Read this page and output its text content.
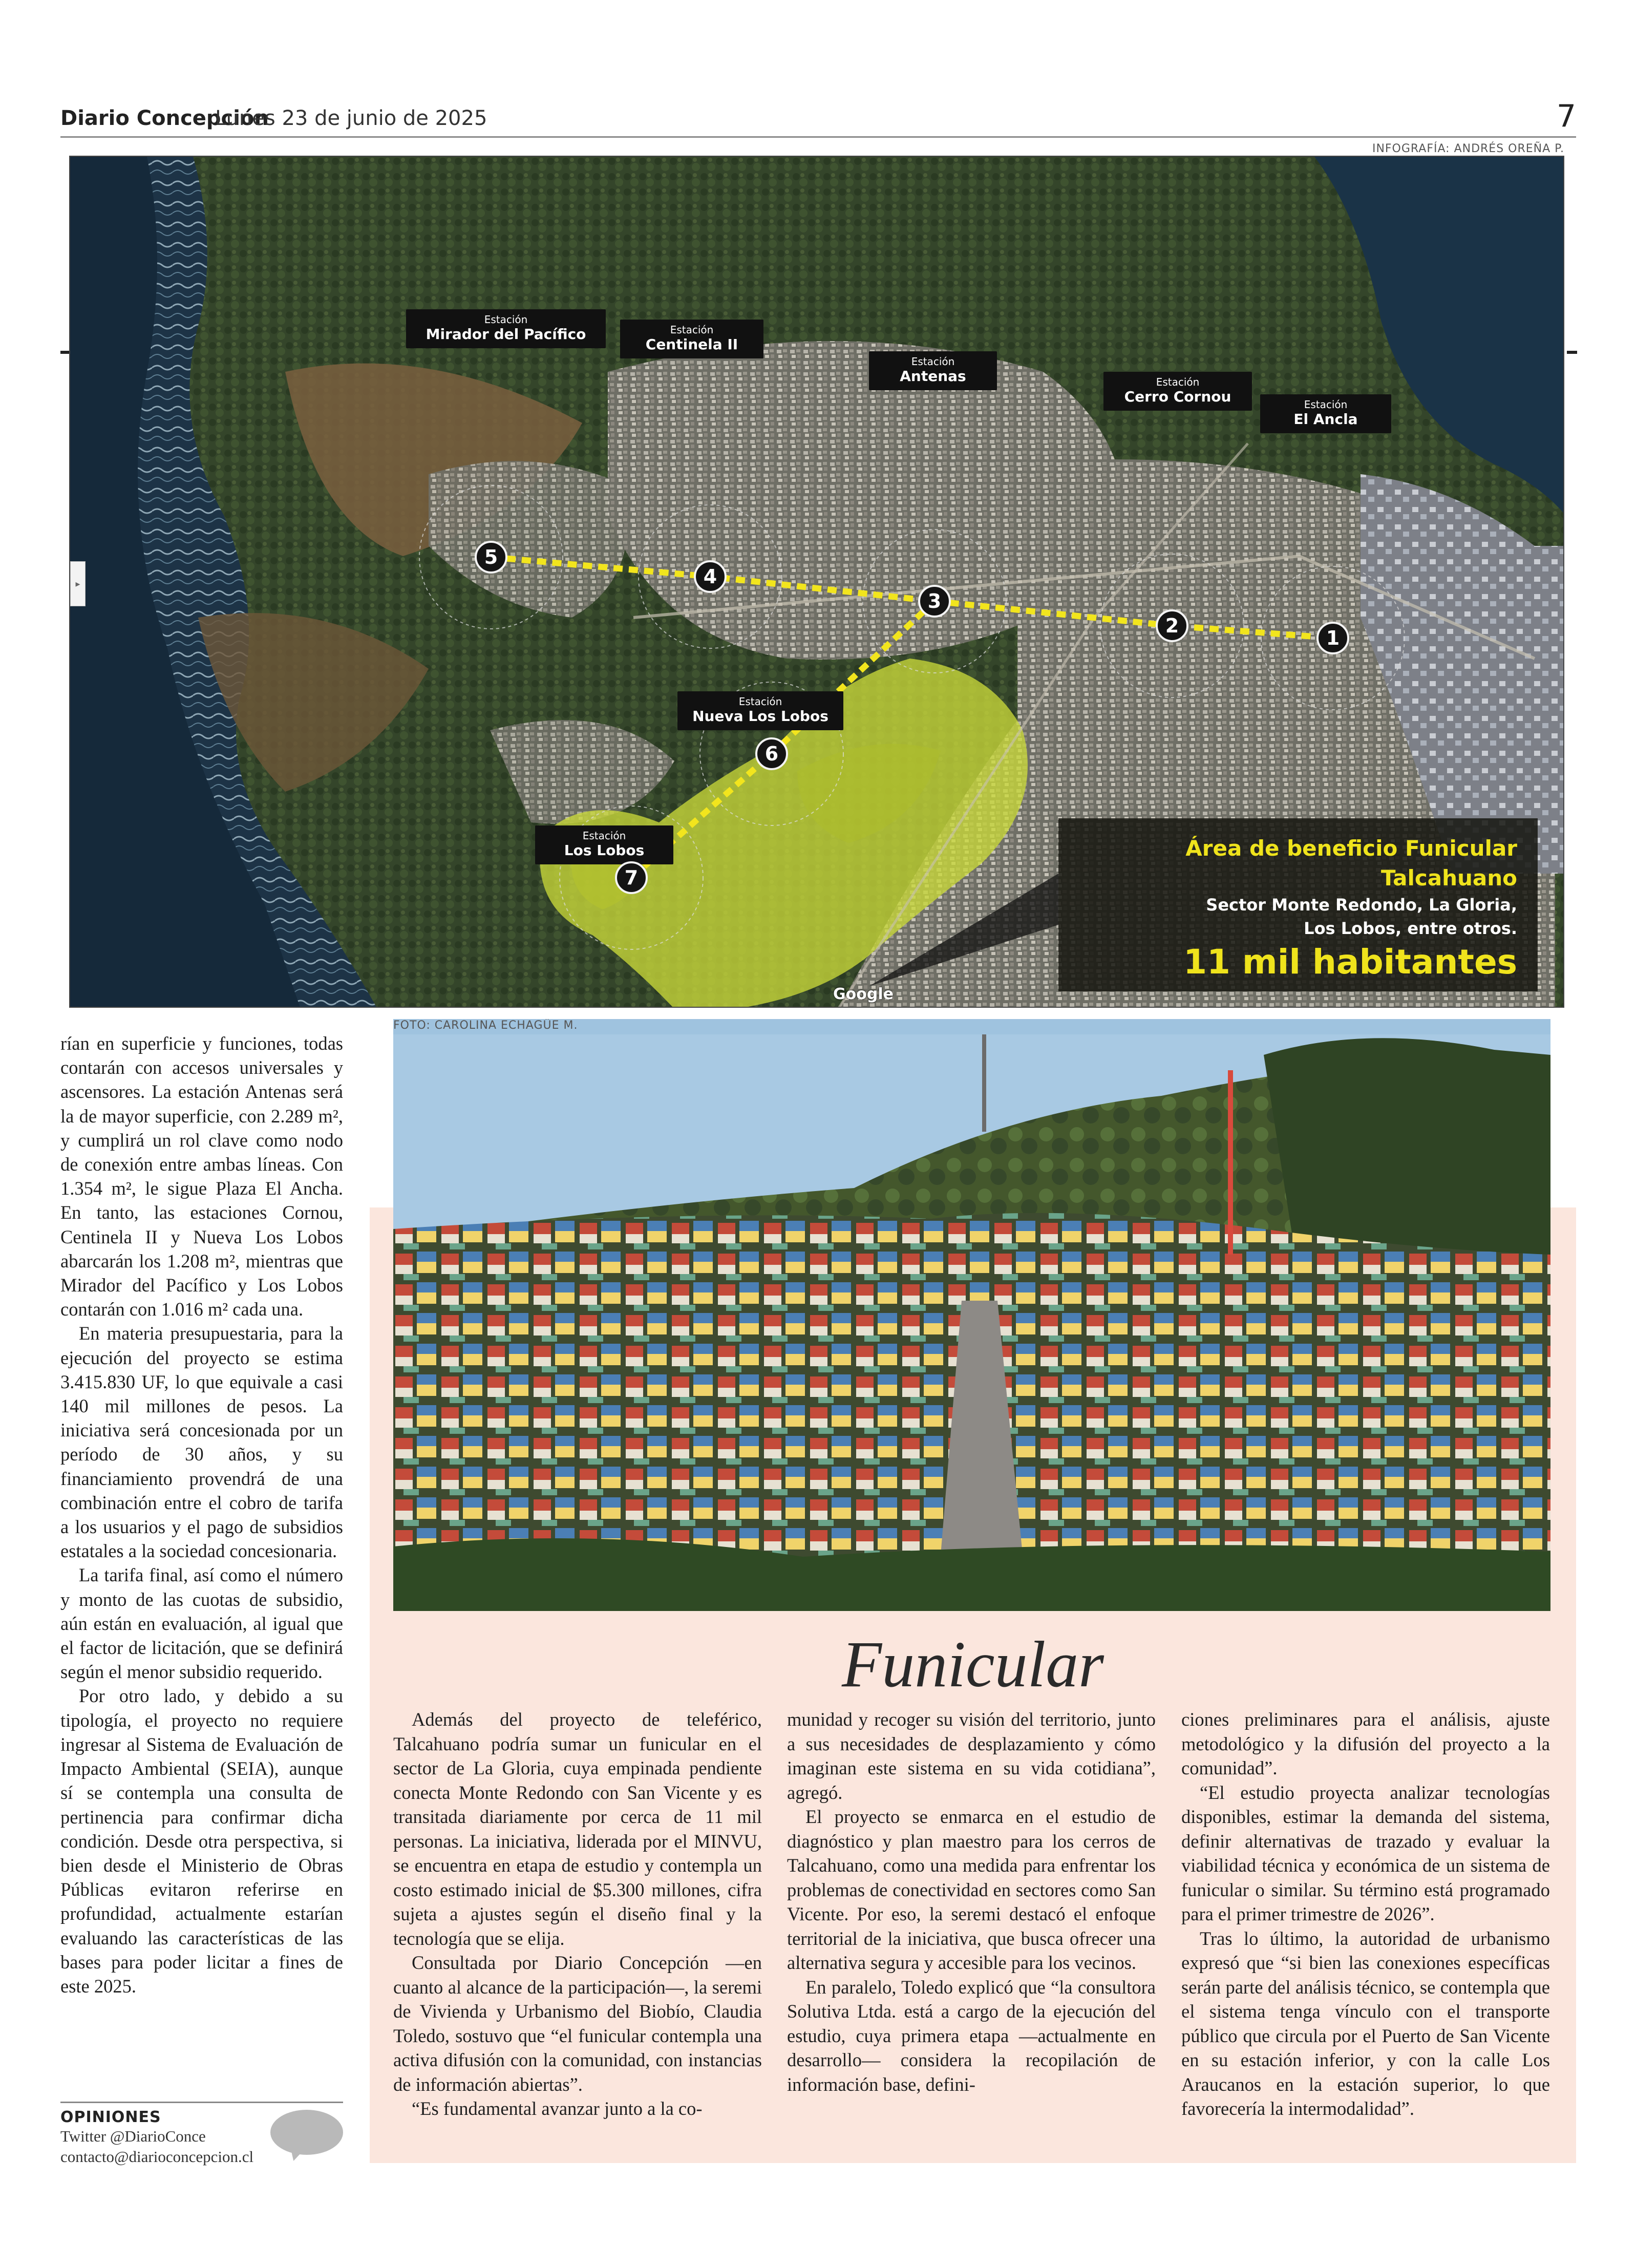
Diario Concepción
Lunes 23 de junio de 2025	7
INFOGRAFÍA: ANDRÉS OREÑA P.
▸
Estación
El Ancla
Estación
Cerro Cornou
Estación
Antenas
Estación
Centinela II
Estación
Mirador del Pacífico
Estación
Nueva Los Lobos
Estación
Los Lobos
1
2
3
4
5
6
7
Área de beneficio Funicular Talcahuano
Sector Monte Redondo, La Gloria,
Los Lobos, entre otros.
11 mil habitantes
Google
FOTO: CAROLINA ECHAGÜE M.

rían en superficie y funciones, todas contarán con accesos universales y ascensores. La estación Antenas será la de mayor superficie, con 2.289 m², y cumplirá un rol clave como nodo de conexión entre ambas líneas. Con 1.354 m², le sigue Plaza El Ancha. En tanto, las estaciones Cornou, Centinela II y Nueva Los Lobos abarcarán los 1.208 m², mientras que Mirador del Pacífico y Los Lobos contarán con 1.016 m² cada una.

En materia presupuestaria, para la ejecución del proyecto se estima 3.415.830 UF, lo que equivale a casi 140 mil millones de pesos. La iniciativa será concesionada por un período de 30 años, y su financiamiento provendrá de una combinación entre el cobro de tarifa a los usuarios y el pago de subsidios estatales a la sociedad concesionaria.

La tarifa final, así como el número y monto de las cuotas de subsidio, aún están en evaluación, al igual que el factor de licitación, que se definirá según el menor subsidio requerido.

Por otro lado, y debido a su tipología, el proyecto no requiere ingresar al Sistema de Evaluación de Impacto Ambiental (SEIA), aunque sí se contempla una consulta de pertinencia para confirmar dicha condición. Desde otra perspectiva, si bien desde el Ministerio de Obras Públicas evitaron referirse en profundidad, actualmente estarían evaluando las características de las bases para poder licitar a fines de este 2025.

OPINIONES
Twitter @DiarioConce
contacto@diarioconcepcion.cl
Funicular

Además del proyecto de teleférico, Talcahuano podría sumar un funicular en el sector de La Gloria, cuya empinada pendiente conecta Monte Redondo con San Vicente y es transitada diariamente por cerca de 11 mil personas. La iniciativa, liderada por el MINVU, se encuentra en etapa de estudio y contempla un costo estimado inicial de $5.300 millones, cifra sujeta a ajustes según el diseño final y la tecnología que se elija.

Consultada por Diario Concepción —en cuanto al alcance de la participación—, la seremi de Vivienda y Urbanismo del Biobío, Claudia Toledo, sostuvo que “el funicular contempla una activa difusión con la comunidad, con instancias de información abiertas”.

“Es fundamental avanzar junto a la co-

munidad y recoger su visión del territorio, junto a sus necesidades de desplazamiento y cómo imaginan este sistema en su vida cotidiana”, agregó.

El proyecto se enmarca en el estudio de diagnóstico y plan maestro para los cerros de Talcahuano, como una medida para enfrentar los problemas de conectividad en sectores como San Vicente. Por eso, la seremi destacó el enfoque territorial de la iniciativa, que busca ofrecer una alternativa segura y accesible para los vecinos.

En paralelo, Toledo explicó que “la consultora Solutiva Ltda. está a cargo de la ejecución del estudio, cuya primera etapa —actualmente en desarrollo— considera la recopilación de información base, defini-

ciones preliminares para el análisis, ajuste metodológico y la difusión del proyecto a la comunidad”.

“El estudio proyecta analizar tecnologías disponibles, estimar la demanda del sistema, definir alternativas de trazado y evaluar la viabilidad técnica y económica de un sistema de funicular o similar. Su término está programado para el primer trimestre de 2026”.

Tras lo último, la autoridad de urbanismo expresó que “si bien las conexiones específicas serán parte del análisis técnico, se contempla que el sistema tenga vínculo con el transporte público que circula por el Puerto de San Vicente en su estación inferior, y con la calle Los Araucanos en la estación superior, lo que favorecería la intermodalidad”.
